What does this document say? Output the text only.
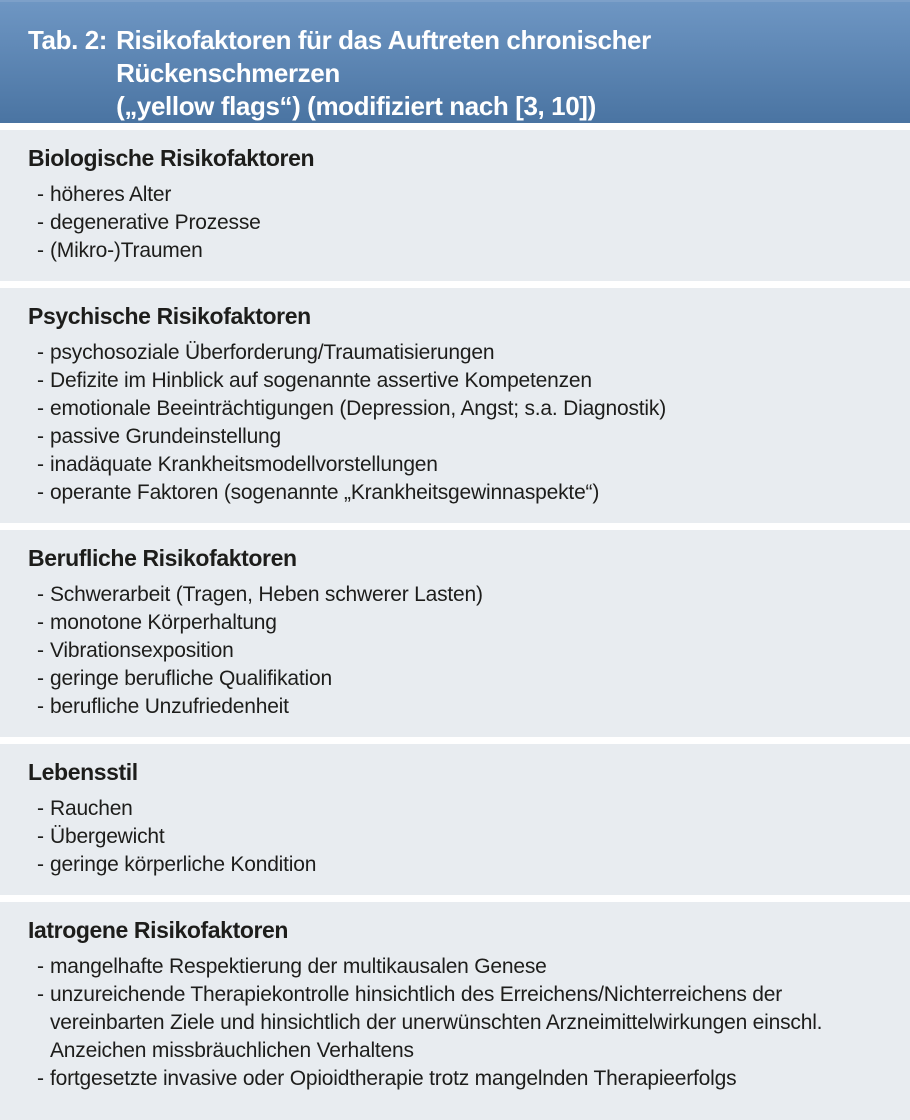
Tab. 2: Risikofaktoren für das Auftreten chronischer Rückenschmerzen
(„yellow flags“) (modifiziert nach [3, 10])
Biologische Risikofaktoren
- höheres Alter
- degenerative Prozesse
- (Mikro-)Traumen
Psychische Risikofaktoren
- psychosoziale Überforderung/Traumatisierungen
- Defizite im Hinblick auf sogenannte assertive Kompetenzen
- emotionale Beeinträchtigungen (Depression, Angst; s.a. Diagnostik)
- passive Grundeinstellung
- inadäquate Krankheitsmodellvorstellungen
- operante Faktoren (sogenannte „Krankheitsgewinnaspekte“)
Berufliche Risikofaktoren
- Schwerarbeit (Tragen, Heben schwerer Lasten)
- monotone Körperhaltung
- Vibrationsexposition
- geringe berufliche Qualifikation
- berufliche Unzufriedenheit
Lebensstil
- Rauchen
- Übergewicht
- geringe körperliche Kondition
Iatrogene Risikofaktoren
- mangelhafte Respektierung der multikausalen Genese
- unzureichende Therapiekontrolle hinsichtlich des Erreichens/Nichterreichens der vereinbarten Ziele und hinsichtlich der unerwünschten Arzneimittelwirkungen einschl. Anzeichen missbräuchlichen Verhaltens
- fortgesetzte invasive oder Opioidtherapie trotz mangelnden Therapieerfolgs
